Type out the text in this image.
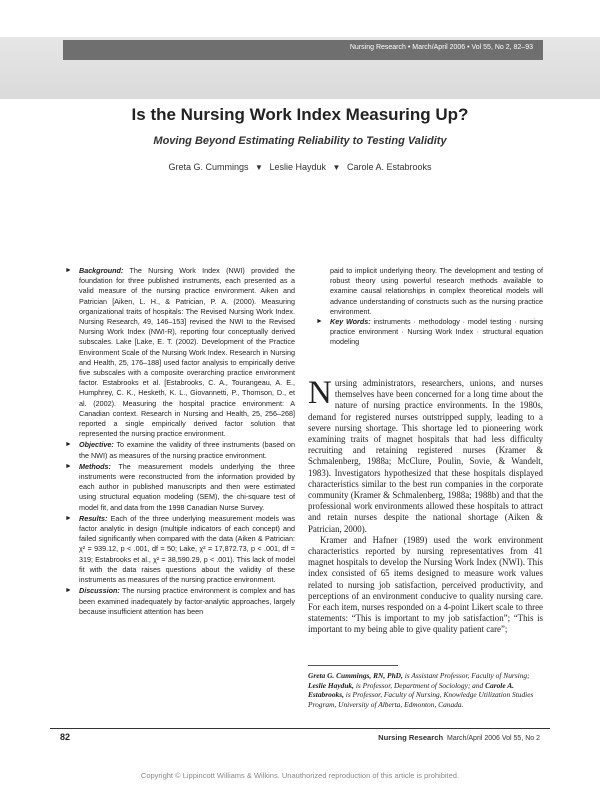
Nursing Research • March/April 2006 • Vol 55, No 2, 82–93
Is the Nursing Work Index Measuring Up?
Moving Beyond Estimating Reliability to Testing Validity
Greta G. Cummings ▼ Leslie Hayduk ▼ Carole A. Estabrooks
► Background: The Nursing Work Index (NWI) provided the foundation for three published instruments, each presented as a valid measure of the nursing practice environment. Aiken and Patrician [Aiken, L. H., & Patrician, P. A. (2000). Measuring organizational traits of hospitals: The Revised Nursing Work Index. Nursing Research, 49, 146–153] revised the NWI to the Revised Nursing Work Index (NWI-R), reporting four conceptually derived subscales. Lake [Lake, E. T. (2002). Development of the Practice Environment Scale of the Nursing Work Index. Research in Nursing and Health, 25, 176–188] used factor analysis to empirically derive five subscales with a composite overarching practice environment factor. Estabrooks et al. [Estabrooks, C. A., Tourangeau, A. E., Humphrey, C. K., Hesketh, K. L., Giovannetti, P., Thomson, D., et al. (2002). Measuring the hospital practice environment: A Canadian context. Research in Nursing and Health, 25, 256–268] reported a single empirically derived factor solution that represented the nursing practice environment.
► Objective: To examine the validity of three instruments (based on the NWI) as measures of the nursing practice environment.
► Methods: The measurement models underlying the three instruments were reconstructed from the information provided by each author in published manuscripts and then were estimated using structural equation modeling (SEM), the chi-square test of model fit, and data from the 1998 Canadian Nurse Survey.
► Results: Each of the three underlying measurement models was factor analytic in design (multiple indicators of each concept) and failed significantly when compared with the data (Aiken & Patrician: χ² = 939.12, p < .001, df = 50; Lake, χ² = 17,872.73, p < .001, df = 319; Estabrooks et al., χ² = 38,590.29, p < .001). This lack of model fit with the data raises questions about the validity of these instruments as measures of the nursing practice environment.
► Discussion: The nursing practice environment is complex and has been examined inadequately by factor-analytic approaches, largely because insufficient attention has been
paid to implicit underlying theory. The development and testing of robust theory using powerful research methods available to examine causal relationships in complex theoretical models will advance understanding of constructs such as the nursing practice environment.
► Key Words: instruments · methodology · model testing · nursing practice environment · Nursing Work Index · structural equation modeling

Nursing administrators, researchers, unions, and nurses themselves have been concerned for a long time about the nature of nursing practice environments. In the 1980s, demand for registered nurses outstripped supply, leading to a severe nursing shortage. This shortage led to pioneering work examining traits of magnet hospitals that had less difficulty recruiting and retaining registered nurses (Kramer & Schmalenberg, 1988a; McClure, Poulin, Sovie, & Wandelt, 1983). Investigators hypothesized that these hospitals displayed characteristics similar to the best run companies in the corporate community (Kramer & Schmalenberg, 1988a; 1988b) and that the professional work environments allowed these hospitals to attract and retain nurses despite the national shortage (Aiken & Patrician, 2000).

Kramer and Hafner (1989) used the work environment characteristics reported by nursing representatives from 41 magnet hospitals to develop the Nursing Work Index (NWI). This index consisted of 65 items designed to measure work values related to nursing job satisfaction, perceived productivity, and perceptions of an environment conducive to quality nursing care. For each item, nurses responded on a 4-point Likert scale to three statements: “This is important to my job satisfaction”; “This is important to my being able to give quality patient care”;

Greta G. Cummings, RN, PhD, is Assistant Professor, Faculty of Nursing; Leslie Hayduk, is Professor, Department of Sociology; and Carole A. Estabrooks, is Professor, Faculty of Nursing, Knowledge Utilization Studies Program, University of Alberta, Edmonton, Canada.
82	Nursing Research March/April 2006 Vol 55, No 2
Copyright © Lippincott Williams & Wilkins. Unauthorized reproduction of this article is prohibited.
